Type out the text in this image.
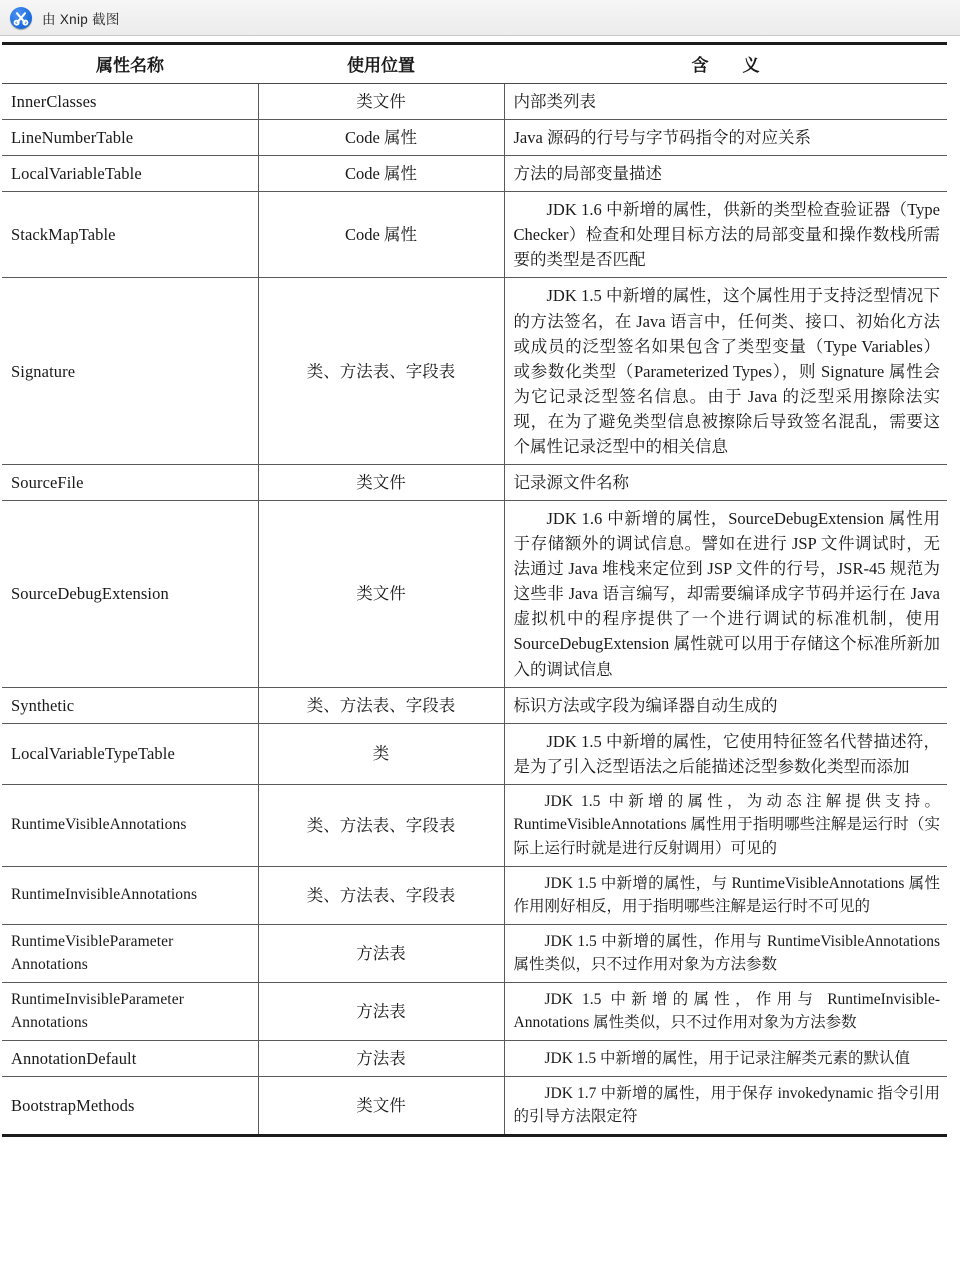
由 Xnip 截图
属性名称	使用位置	含 义
InnerClasses	类文件	内部类列表
LineNumberTable	Code 属性	Java 源码的行号与字节码指令的对应关系
LocalVariableTable	Code 属性	方法的局部变量描述
StackMapTable	Code 属性	JDK 1.6 中新增的属性，供新的类型检查验证器（Type Checker）检查和处理目标方法的局部变量和操作数栈所需要的类型是否匹配
Signature	类、方法表、字段表	JDK 1.5 中新增的属性，这个属性用于支持泛型情况下的方法签名，在 Java 语言中，任何类、接口、初始化方法或成员的泛型签名如果包含了类型变量（Type Variables）或参数化类型（Parameterized Types），则 Signature 属性会为它记录泛型签名信息。由于 Java 的泛型采用擦除法实现，在为了避免类型信息被擦除后导致签名混乱，需要这个属性记录泛型中的相关信息
SourceFile	类文件	记录源文件名称
SourceDebugExtension	类文件	JDK 1.6 中新增的属性，SourceDebugExtension 属性用于存储额外的调试信息。譬如在进行 JSP 文件调试时，无法通过 Java 堆栈来定位到 JSP 文件的行号，JSR-45 规范为这些非 Java 语言编写，却需要编译成字节码并运行在 Java 虚拟机中的程序提供了一个进行调试的标准机制，使用 SourceDebugExtension 属性就可以用于存储这个标准所新加入的调试信息
Synthetic	类、方法表、字段表	标识方法或字段为编译器自动生成的
LocalVariableTypeTable	类	JDK 1.5 中新增的属性，它使用特征签名代替描述符，是为了引入泛型语法之后能描述泛型参数化类型而添加
RuntimeVisibleAnnotations	类、方法表、字段表	JDK 1.5 中新增的属性，为动态注解提供支持。RuntimeVisibleAnnotations 属性用于指明哪些注解是运行时（实际上运行时就是进行反射调用）可见的
RuntimeInvisibleAnnotations	类、方法表、字段表	JDK 1.5 中新增的属性，与 RuntimeVisibleAnnotations 属性作用刚好相反，用于指明哪些注解是运行时不可见的
RuntimeVisibleParameter Annotations	方法表	JDK 1.5 中新增的属性，作用与 RuntimeVisibleAnnotations 属性类似，只不过作用对象为方法参数
RuntimeInvisibleParameter Annotations	方法表	JDK 1.5 中新增的属性，作用与 RuntimeInvisible-Annotations 属性类似，只不过作用对象为方法参数
AnnotationDefault	方法表	JDK 1.5 中新增的属性，用于记录注解类元素的默认值
BootstrapMethods	类文件	JDK 1.7 中新增的属性，用于保存 invokedynamic 指令引用的引导方法限定符
